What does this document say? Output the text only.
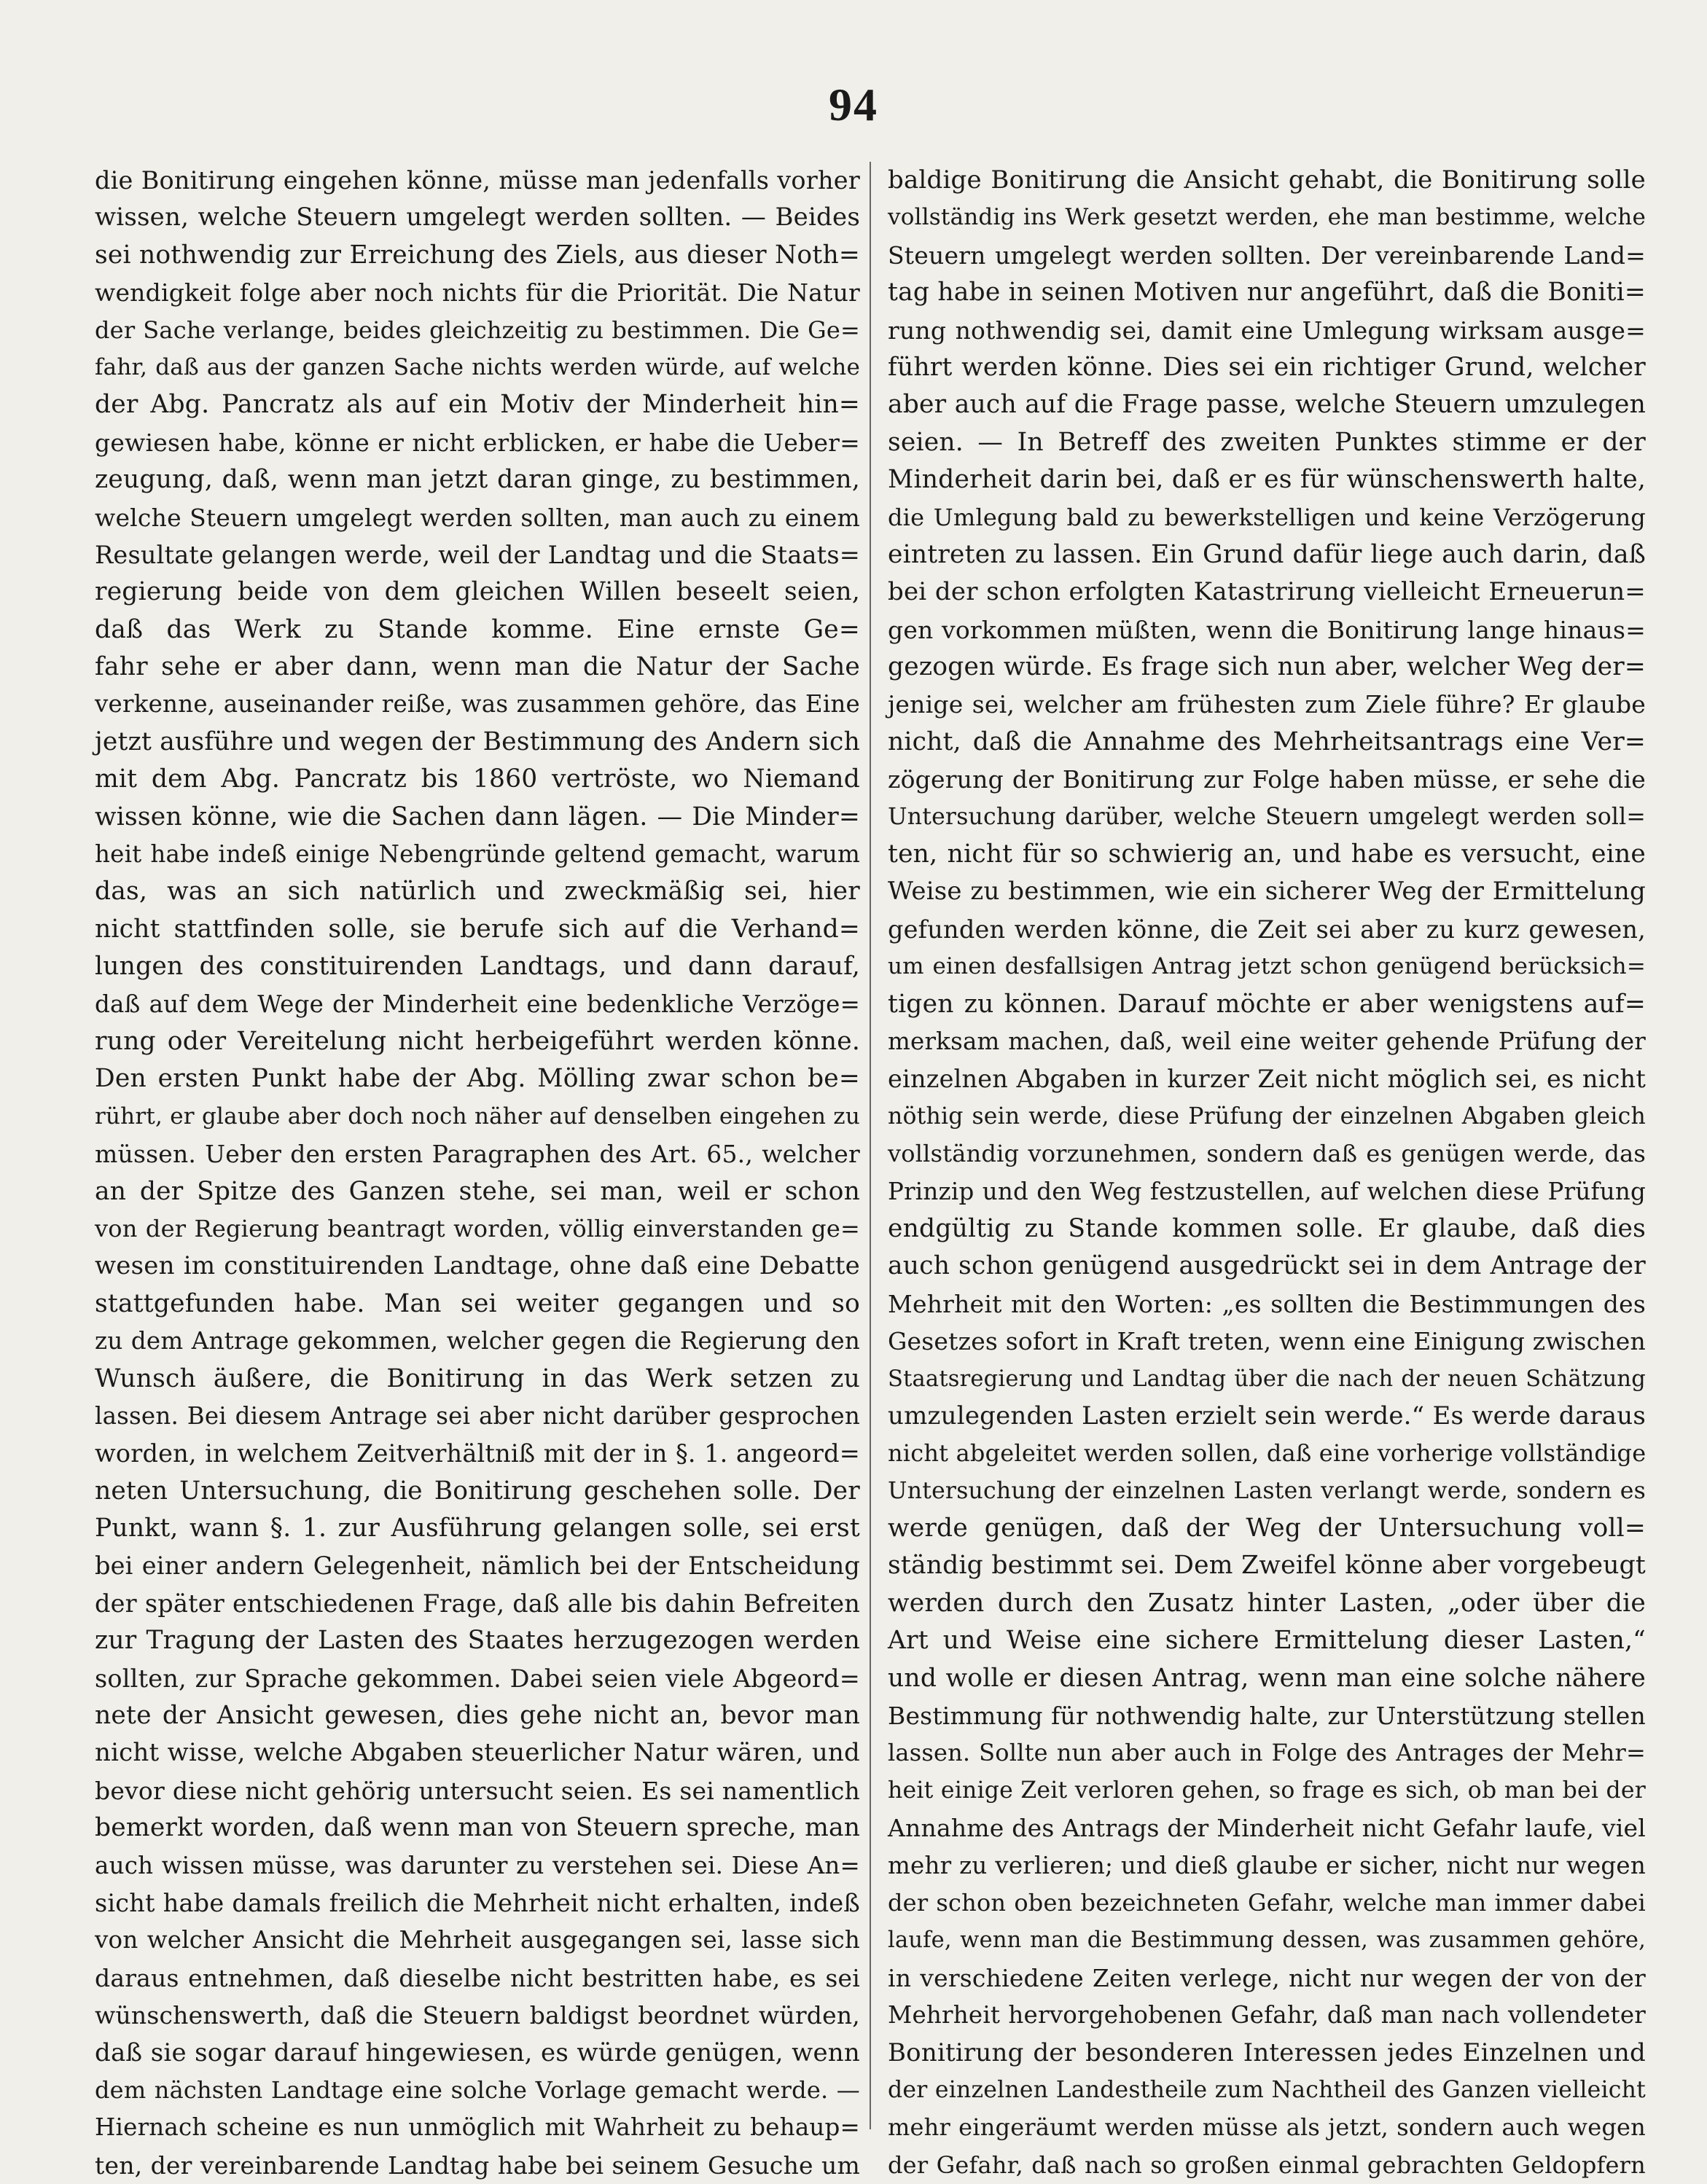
94
die Bonitirung eingehen könne, müsse man jedenfalls vorher
wissen, welche Steuern umgelegt werden sollten. — Beides
sei nothwendig zur Erreichung des Ziels, aus dieser Noth=
wendigkeit folge aber noch nichts für die Priorität. Die Natur
der Sache verlange, beides gleichzeitig zu bestimmen. Die Ge=
fahr, daß aus der ganzen Sache nichts werden würde, auf welche
der Abg. Pancratz als auf ein Motiv der Minderheit hin=
gewiesen habe, könne er nicht erblicken, er habe die Ueber=
zeugung, daß, wenn man jetzt daran ginge, zu bestimmen,
welche Steuern umgelegt werden sollten, man auch zu einem
Resultate gelangen werde, weil der Landtag und die Staats=
regierung beide von dem gleichen Willen beseelt seien,
daß das Werk zu Stande komme. Eine ernste Ge=
fahr sehe er aber dann, wenn man die Natur der Sache
verkenne, auseinander reiße, was zusammen gehöre, das Eine
jetzt ausführe und wegen der Bestimmung des Andern sich
mit dem Abg. Pancratz bis 1860 vertröste, wo Niemand
wissen könne, wie die Sachen dann lägen. — Die Minder=
heit habe indeß einige Nebengründe geltend gemacht, warum
das, was an sich natürlich und zweckmäßig sei, hier
nicht stattfinden solle, sie berufe sich auf die Verhand=
lungen des constituirenden Landtags, und dann darauf,
daß auf dem Wege der Minderheit eine bedenkliche Verzöge=
rung oder Vereitelung nicht herbeigeführt werden könne.
Den ersten Punkt habe der Abg. Mölling zwar schon be=
rührt, er glaube aber doch noch näher auf denselben eingehen zu
müssen. Ueber den ersten Paragraphen des Art. 65., welcher
an der Spitze des Ganzen stehe, sei man, weil er schon
von der Regierung beantragt worden, völlig einverstanden ge=
wesen im constituirenden Landtage, ohne daß eine Debatte
stattgefunden habe. Man sei weiter gegangen und so
zu dem Antrage gekommen, welcher gegen die Regierung den
Wunsch äußere, die Bonitirung in das Werk setzen zu
lassen. Bei diesem Antrage sei aber nicht darüber gesprochen
worden, in welchem Zeitverhältniß mit der in §. 1. angeord=
neten Untersuchung, die Bonitirung geschehen solle. Der
Punkt, wann §. 1. zur Ausführung gelangen solle, sei erst
bei einer andern Gelegenheit, nämlich bei der Entscheidung
der später entschiedenen Frage, daß alle bis dahin Befreiten
zur Tragung der Lasten des Staates herzugezogen werden
sollten, zur Sprache gekommen. Dabei seien viele Abgeord=
nete der Ansicht gewesen, dies gehe nicht an, bevor man
nicht wisse, welche Abgaben steuerlicher Natur wären, und
bevor diese nicht gehörig untersucht seien. Es sei namentlich
bemerkt worden, daß wenn man von Steuern spreche, man
auch wissen müsse, was darunter zu verstehen sei. Diese An=
sicht habe damals freilich die Mehrheit nicht erhalten, indeß
von welcher Ansicht die Mehrheit ausgegangen sei, lasse sich
daraus entnehmen, daß dieselbe nicht bestritten habe, es sei
wünschenswerth, daß die Steuern baldigst beordnet würden,
daß sie sogar darauf hingewiesen, es würde genügen, wenn
dem nächsten Landtage eine solche Vorlage gemacht werde. —
Hiernach scheine es nun unmöglich mit Wahrheit zu behaup=
ten, der vereinbarende Landtag habe bei seinem Gesuche um
baldige Bonitirung die Ansicht gehabt, die Bonitirung solle
vollständig ins Werk gesetzt werden, ehe man bestimme, welche
Steuern umgelegt werden sollten. Der vereinbarende Land=
tag habe in seinen Motiven nur angeführt, daß die Boniti=
rung nothwendig sei, damit eine Umlegung wirksam ausge=
führt werden könne. Dies sei ein richtiger Grund, welcher
aber auch auf die Frage passe, welche Steuern umzulegen
seien. — In Betreff des zweiten Punktes stimme er der
Minderheit darin bei, daß er es für wünschenswerth halte,
die Umlegung bald zu bewerkstelligen und keine Verzögerung
eintreten zu lassen. Ein Grund dafür liege auch darin, daß
bei der schon erfolgten Katastrirung vielleicht Erneuerun=
gen vorkommen müßten, wenn die Bonitirung lange hinaus=
gezogen würde. Es frage sich nun aber, welcher Weg der=
jenige sei, welcher am frühesten zum Ziele führe? Er glaube
nicht, daß die Annahme des Mehrheitsantrags eine Ver=
zögerung der Bonitirung zur Folge haben müsse, er sehe die
Untersuchung darüber, welche Steuern umgelegt werden soll=
ten, nicht für so schwierig an, und habe es versucht, eine
Weise zu bestimmen, wie ein sicherer Weg der Ermittelung
gefunden werden könne, die Zeit sei aber zu kurz gewesen,
um einen desfallsigen Antrag jetzt schon genügend berücksich=
tigen zu können. Darauf möchte er aber wenigstens auf=
merksam machen, daß, weil eine weiter gehende Prüfung der
einzelnen Abgaben in kurzer Zeit nicht möglich sei, es nicht
nöthig sein werde, diese Prüfung der einzelnen Abgaben gleich
vollständig vorzunehmen, sondern daß es genügen werde, das
Prinzip und den Weg festzustellen, auf welchen diese Prüfung
endgültig zu Stande kommen solle. Er glaube, daß dies
auch schon genügend ausgedrückt sei in dem Antrage der
Mehrheit mit den Worten: „es sollten die Bestimmungen des
Gesetzes sofort in Kraft treten, wenn eine Einigung zwischen
Staatsregierung und Landtag über die nach der neuen Schätzung
umzulegenden Lasten erzielt sein werde.“ Es werde daraus
nicht abgeleitet werden sollen, daß eine vorherige vollständige
Untersuchung der einzelnen Lasten verlangt werde, sondern es
werde genügen, daß der Weg der Untersuchung voll=
ständig bestimmt sei. Dem Zweifel könne aber vorgebeugt
werden durch den Zusatz hinter Lasten, „oder über die
Art und Weise eine sichere Ermittelung dieser Lasten,“
und wolle er diesen Antrag, wenn man eine solche nähere
Bestimmung für nothwendig halte, zur Unterstützung stellen
lassen. Sollte nun aber auch in Folge des Antrages der Mehr=
heit einige Zeit verloren gehen, so frage es sich, ob man bei der
Annahme des Antrags der Minderheit nicht Gefahr laufe, viel
mehr zu verlieren; und dieß glaube er sicher, nicht nur wegen
der schon oben bezeichneten Gefahr, welche man immer dabei
laufe, wenn man die Bestimmung dessen, was zusammen gehöre,
in verschiedene Zeiten verlege, nicht nur wegen der von der
Mehrheit hervorgehobenen Gefahr, daß man nach vollendeter
Bonitirung der besonderen Interessen jedes Einzelnen und
der einzelnen Landestheile zum Nachtheil des Ganzen vielleicht
mehr eingeräumt werden müsse als jetzt, sondern auch wegen
der Gefahr, daß nach so großen einmal gebrachten Geldopfern
